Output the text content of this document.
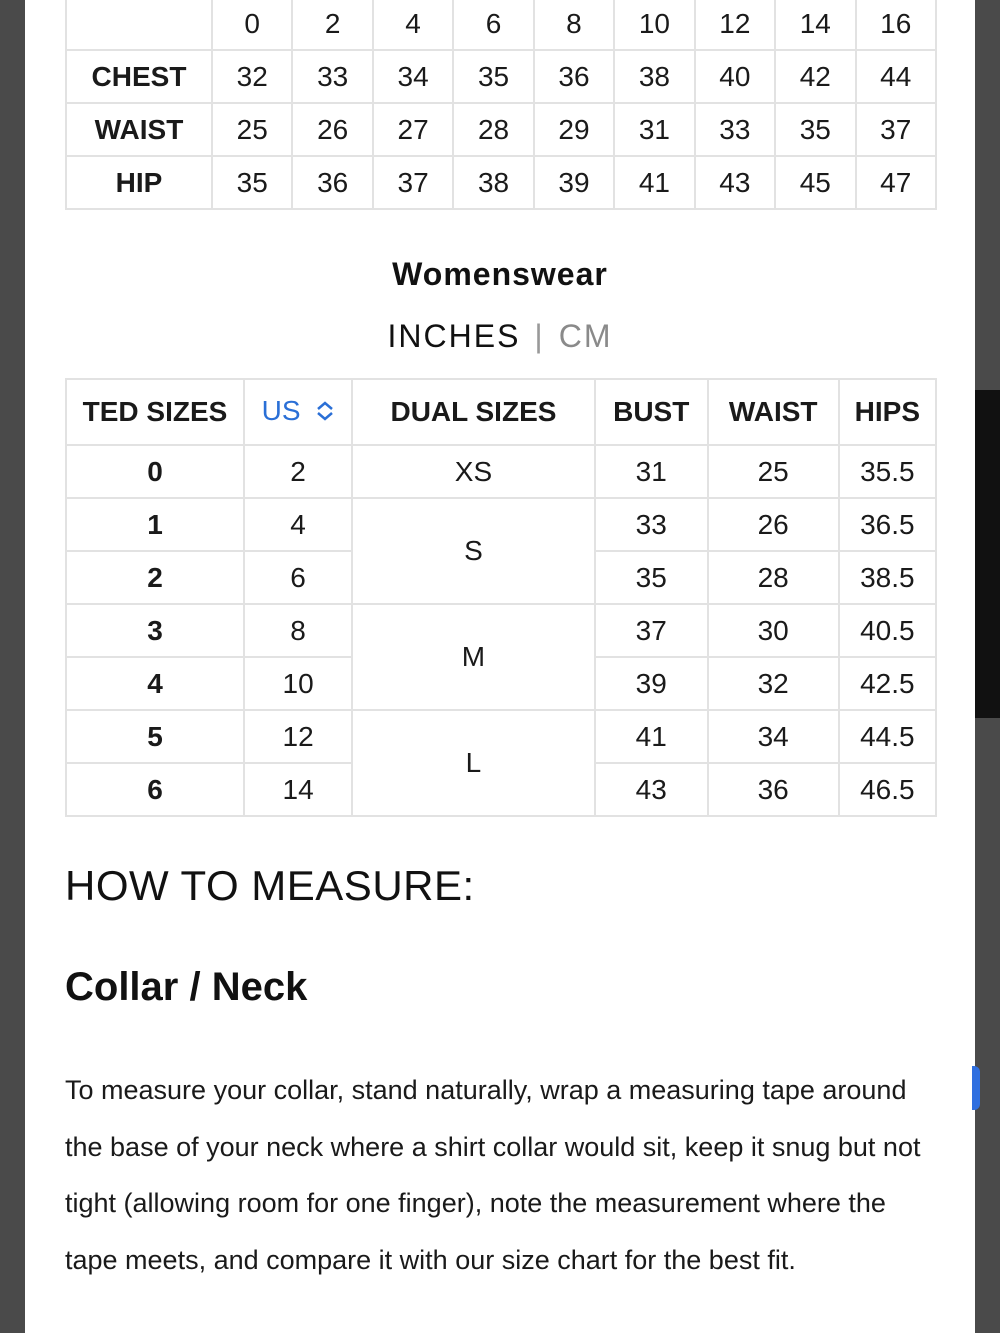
	0	2	4	6	8	10	12	14	16
CHEST	32	33	34	35	36	38	40	42	44
WAIST	25	26	27	28	29	31	33	35	37
HIP	35	36	37	38	39	41	43	45	47
Womenswear
INCHES | CM
TED SIZES	US	DUAL SIZES	BUST	WAIST	HIPS
0	2	XS	31	25	35.5
1	4	S	33	26	36.5
2	6		35	28	38.5
3	8	M	37	30	40.5
4	10		39	32	42.5
5	12	L	41	34	44.5
6	14		43	36	46.5
HOW TO MEASURE:
Collar / Neck
To measure your collar, stand naturally, wrap a measuring tape around the base of your neck where a shirt collar would sit, keep it snug but not tight (allowing room for one finger), note the measurement where the tape meets, and compare it with our size chart for the best fit.
